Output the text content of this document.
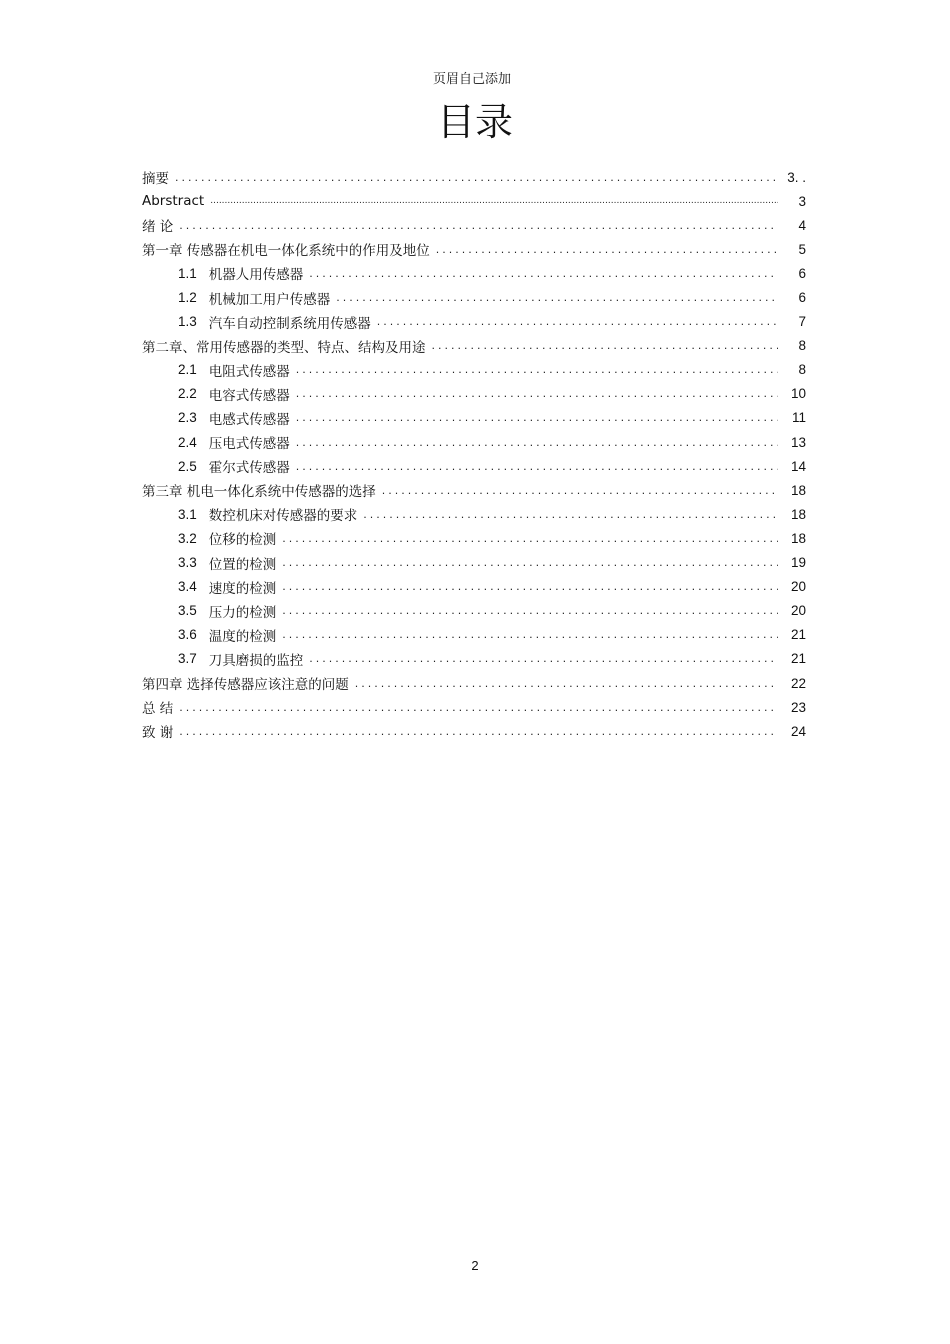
页眉自己添加
目录
摘要 .....	3. .
Abrstract .....	3
绪 论 .....	4
第一章 传感器在机电一体化系统中的作用及地位 .....	5
1.1 机器人用传感器 .....	6
1.2 机械加工用户传感器 .....	6
1.3 汽车自动控制系统用传感器 .....	7
第二章、常用传感器的类型、特点、结构及用途 .....	8
2.1 电阻式传感器 .....	8
2.2 电容式传感器 .....	10
2.3 电感式传感器 .....	11
2.4 压电式传感器 .....	13
2.5 霍尔式传感器 .....	14
第三章 机电一体化系统中传感器的选择 .....	18
3.1 数控机床对传感器的要求 .....	18
3.2 位移的检测 .....	18
3.3 位置的检测 .....	19
3.4 速度的检测 .....	20
3.5 压力的检测 .....	20
3.6 温度的检测 .....	21
3.7 刀具磨损的监控 .....	21
第四章 选择传感器应该注意的问题 .....	22
总 结 .....	23
致 谢 .....	24
2
